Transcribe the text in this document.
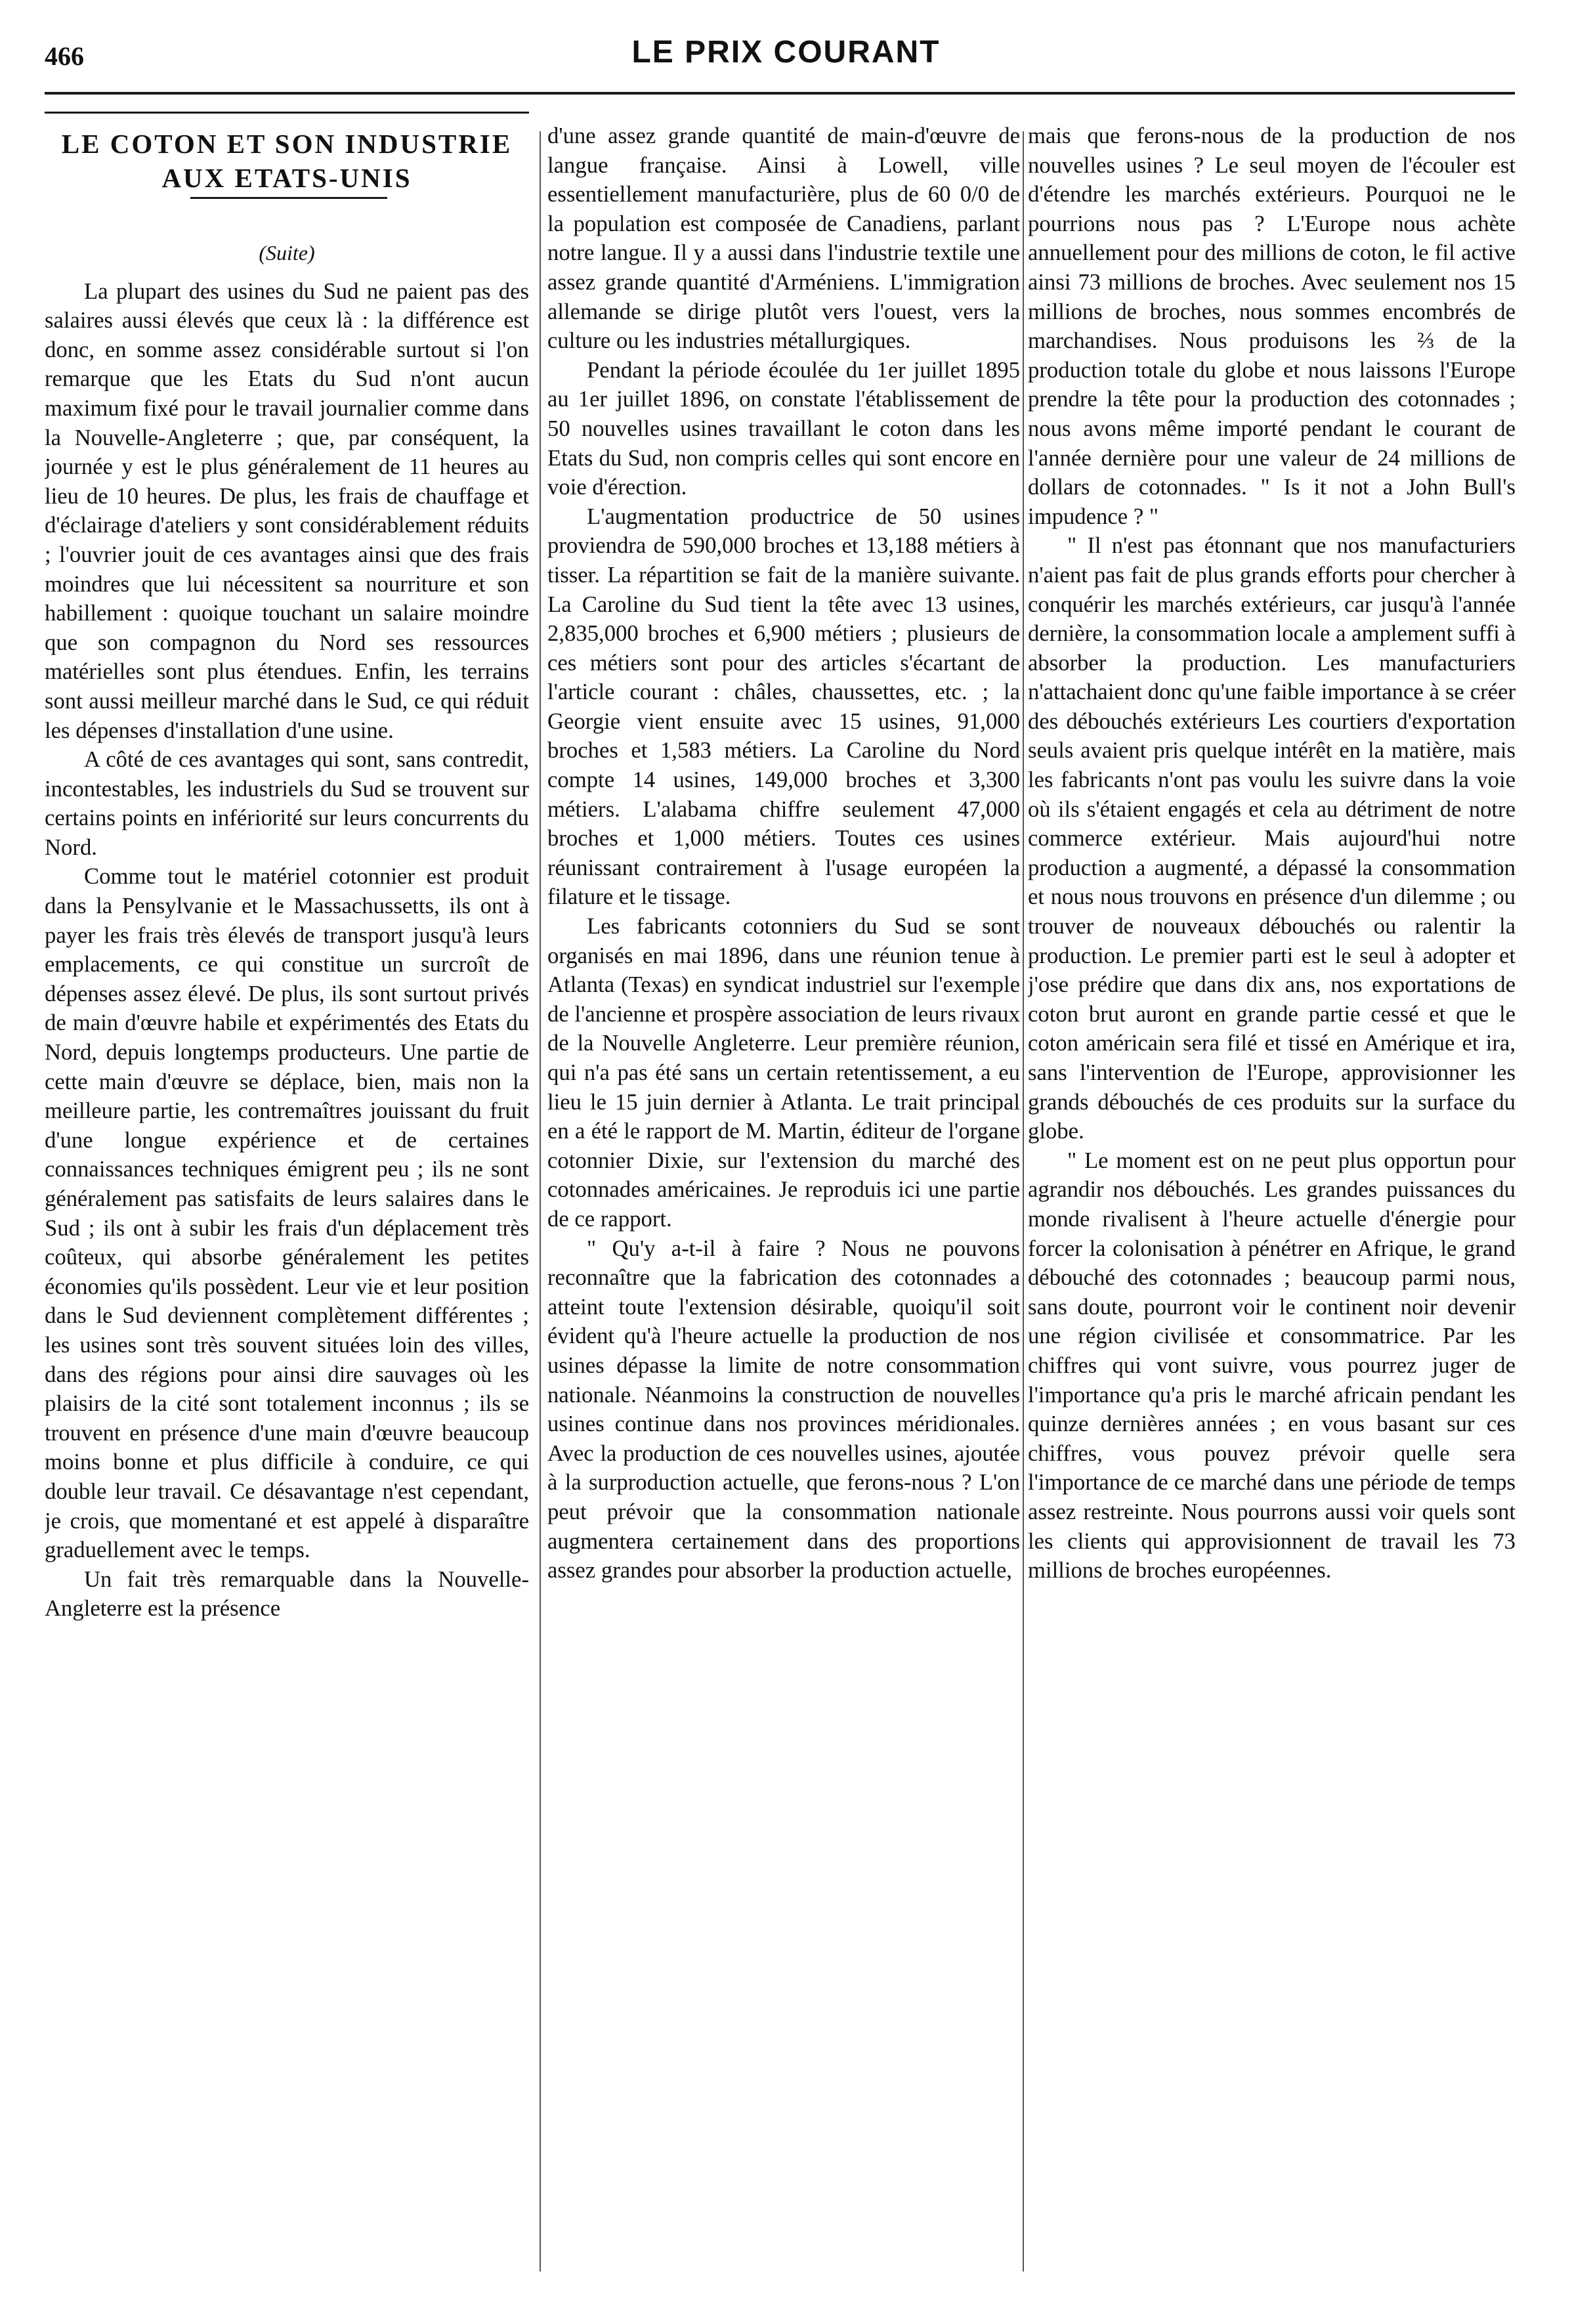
466	LE PRIX COURANT
LE COTON ET SON INDUSTRIE
AUX ETATS-UNIS
(Suite)

La plupart des usines du Sud ne paient pas des salaires aussi élevés que ceux là : la différence est donc, en somme assez considérable surtout si l'on remarque que les Etats du Sud n'ont aucun maximum fixé pour le travail journalier comme dans la Nouvelle-Angleterre ; que, par conséquent, la journée y est le plus généralement de 11 heures au lieu de 10 heures. De plus, les frais de chauffage et d'éclairage d'ateliers y sont considérablement réduits ; l'ouvrier jouit de ces avantages ainsi que des frais moindres que lui nécessitent sa nourriture et son habillement : quoique touchant un salaire moindre que son compagnon du Nord ses ressources matérielles sont plus étendues. Enfin, les terrains sont aussi meilleur marché dans le Sud, ce qui réduit les dépenses d'installation d'une usine.

A côté de ces avantages qui sont, sans contredit, incontestables, les industriels du Sud se trouvent sur certains points en infériorité sur leurs concurrents du Nord.

Comme tout le matériel cotonnier est produit dans la Pensylvanie et le Massachussetts, ils ont à payer les frais très élevés de transport jusqu'à leurs emplacements, ce qui constitue un surcroît de dépenses assez élevé. De plus, ils sont surtout privés de main d'œuvre habile et expérimentés des Etats du Nord, depuis longtemps producteurs. Une partie de cette main d'œuvre se déplace, bien, mais non la meilleure partie, les contremaîtres jouissant du fruit d'une longue expérience et de certaines connaissances techniques émigrent peu ; ils ne sont généralement pas satisfaits de leurs salaires dans le Sud ; ils ont à subir les frais d'un déplacement très coûteux, qui absorbe généralement les petites économies qu'ils possèdent. Leur vie et leur position dans le Sud deviennent complètement différentes ; les usines sont très souvent situées loin des villes, dans des régions pour ainsi dire sauvages où les plaisirs de la cité sont totalement inconnus ; ils se trouvent en présence d'une main d'œuvre beaucoup moins bonne et plus difficile à conduire, ce qui double leur travail. Ce désavantage n'est cependant, je crois, que momentané et est appelé à disparaître graduellement avec le temps.

Un fait très remarquable dans la Nouvelle-Angleterre est la présence

d'une assez grande quantité de main-d'œuvre de langue française. Ainsi à Lowell, ville essentiellement manufacturière, plus de 60 0/0 de la population est composée de Canadiens, parlant notre langue. Il y a aussi dans l'industrie textile une assez grande quantité d'Arméniens. L'immigration allemande se dirige plutôt vers l'ouest, vers la culture ou les industries métallurgiques.

Pendant la période écoulée du 1er juillet 1895 au 1er juillet 1896, on constate l'établissement de 50 nouvelles usines travaillant le coton dans les Etats du Sud, non compris celles qui sont encore en voie d'érection.

L'augmentation productrice de 50 usines proviendra de 590,000 broches et 13,188 métiers à tisser. La répartition se fait de la manière suivante. La Caroline du Sud tient la tête avec 13 usines, 2,835,000 broches et 6,900 métiers ; plusieurs de ces métiers sont pour des articles s'écartant de l'article courant : châles, chaussettes, etc. ; la Georgie vient ensuite avec 15 usines, 91,000 broches et 1,583 métiers. La Caroline du Nord compte 14 usines, 149,000 broches et 3,300 métiers. L'alabama chiffre seulement 47,000 broches et 1,000 métiers. Toutes ces usines réunissant contrairement à l'usage européen la filature et le tissage.

Les fabricants cotonniers du Sud se sont organisés en mai 1896, dans une réunion tenue à Atlanta (Texas) en syndicat industriel sur l'exemple de l'ancienne et prospère association de leurs rivaux de la Nouvelle Angleterre. Leur première réunion, qui n'a pas été sans un certain retentissement, a eu lieu le 15 juin dernier à Atlanta. Le trait principal en a été le rapport de M. Martin, éditeur de l'organe cotonnier Dixie, sur l'extension du marché des cotonnades américaines. Je reproduis ici une partie de ce rapport.

" Qu'y a-t-il à faire ? Nous ne pouvons reconnaître que la fabrication des cotonnades a atteint toute l'extension désirable, quoiqu'il soit évident qu'à l'heure actuelle la production de nos usines dépasse la limite de notre consommation nationale. Néanmoins la construction de nouvelles usines continue dans nos provinces méridionales. Avec la production de ces nouvelles usines, ajoutée à la surproduction actuelle, que ferons-nous ? L'on peut prévoir que la consommation nationale augmentera certainement dans des proportions assez grandes pour absorber la production actuelle,

mais que ferons-nous de la production de nos nouvelles usines ? Le seul moyen de l'écouler est d'étendre les marchés extérieurs. Pourquoi ne le pourrions nous pas ? L'Europe nous achète annuellement pour des millions de coton, le fil active ainsi 73 millions de broches. Avec seulement nos 15 millions de broches, nous sommes encombrés de marchandises. Nous produisons les ⅔ de la production totale du globe et nous laissons l'Europe prendre la tête pour la production des cotonnades ; nous avons même importé pendant le courant de l'année dernière pour une valeur de 24 millions de dollars de cotonnades. " Is it not a John Bull's impudence ? "

" Il n'est pas étonnant que nos manufacturiers n'aient pas fait de plus grands efforts pour chercher à conquérir les marchés extérieurs, car jusqu'à l'année dernière, la consommation locale a amplement suffi à absorber la production. Les manufacturiers n'attachaient donc qu'une faible importance à se créer des débouchés extérieurs Les courtiers d'exportation seuls avaient pris quelque intérêt en la matière, mais les fabricants n'ont pas voulu les suivre dans la voie où ils s'étaient engagés et cela au détriment de notre commerce extérieur. Mais aujourd'hui notre production a augmenté, a dépassé la consommation et nous nous trouvons en présence d'un dilemme ; ou trouver de nouveaux débouchés ou ralentir la production. Le premier parti est le seul à adopter et j'ose prédire que dans dix ans, nos exportations de coton brut auront en grande partie cessé et que le coton américain sera filé et tissé en Amérique et ira, sans l'intervention de l'Europe, approvisionner les grands débouchés de ces produits sur la surface du globe.

" Le moment est on ne peut plus opportun pour agrandir nos débouchés. Les grandes puissances du monde rivalisent à l'heure actuelle d'énergie pour forcer la colonisation à pénétrer en Afrique, le grand débouché des cotonnades ; beaucoup parmi nous, sans doute, pourront voir le continent noir devenir une région civilisée et consommatrice. Par les chiffres qui vont suivre, vous pourrez juger de l'importance qu'a pris le marché africain pendant les quinze dernières années ; en vous basant sur ces chiffres, vous pouvez prévoir quelle sera l'importance de ce marché dans une période de temps assez restreinte. Nous pourrons aussi voir quels sont les clients qui approvisionnent de travail les 73 millions de broches européennes.
